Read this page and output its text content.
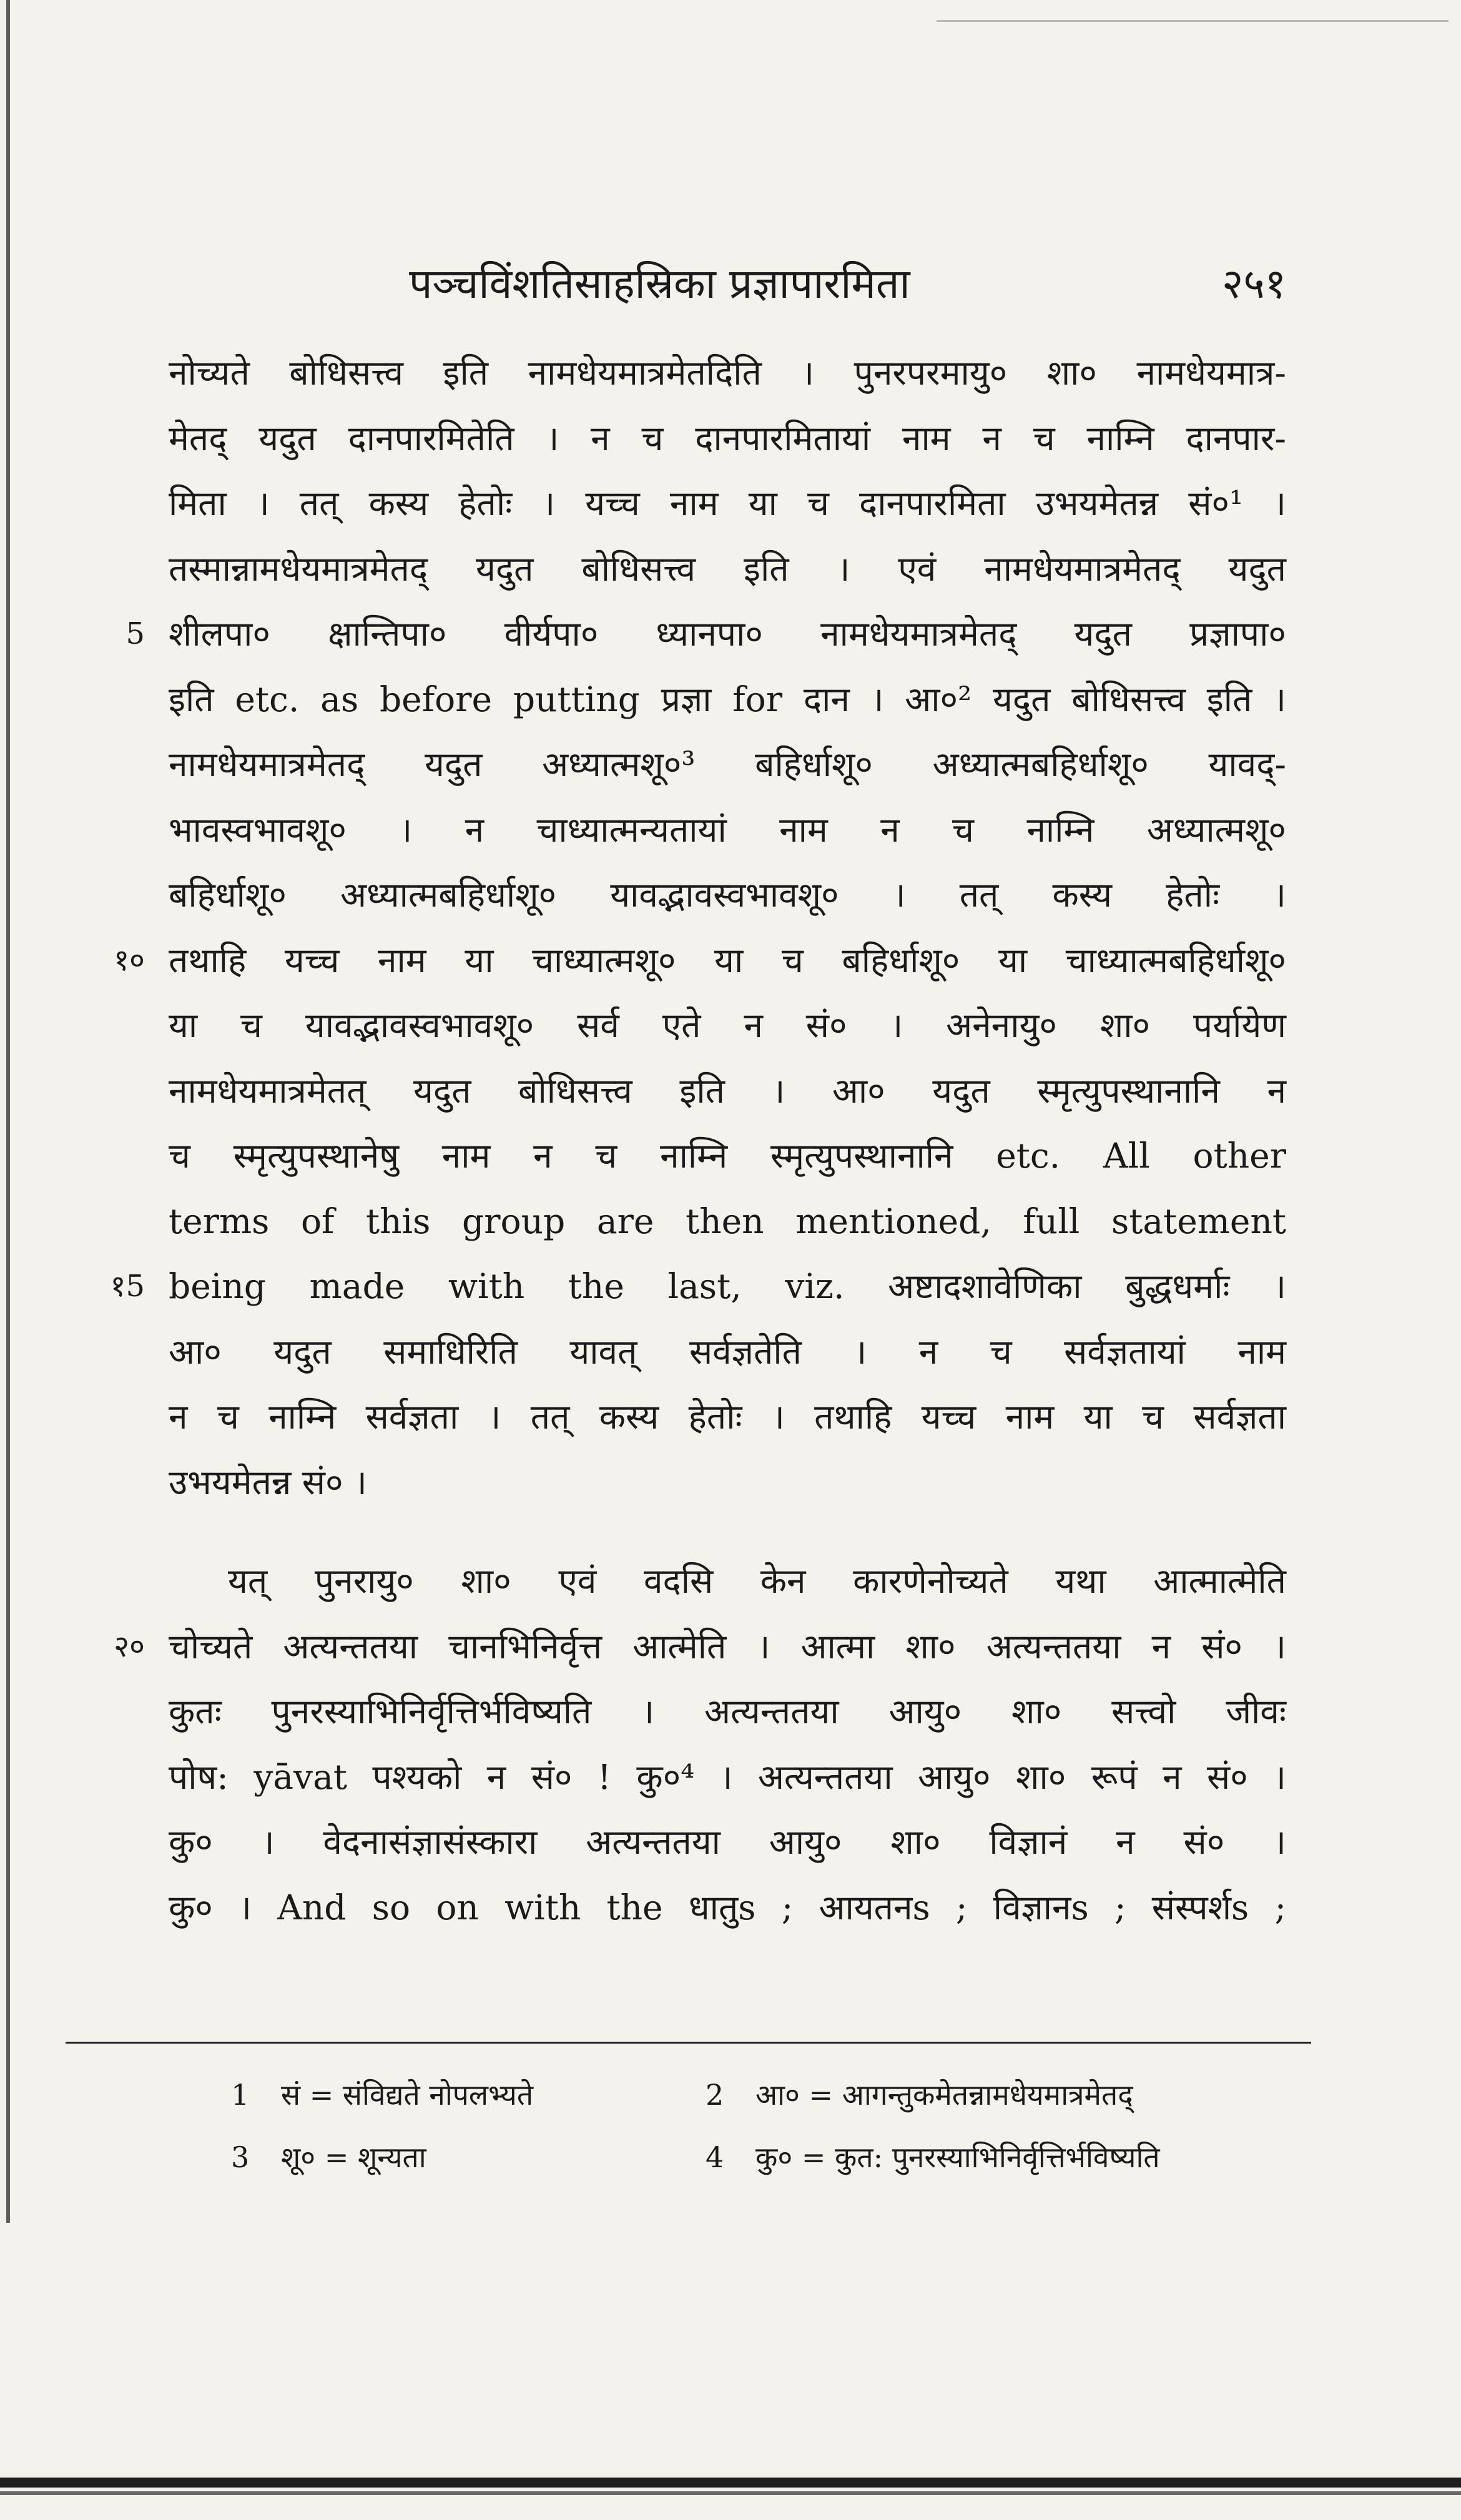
पञ्चविंशतिसाहस्रिका प्रज्ञापारमिता	२५१
नोच्यते बोधिसत्त्व इति नामधेयमात्रमेतदिति । पुनरपरमायु० शा० नामधेयमात्र-
मेतद् यदुत दानपारमितेति । न च दानपारमितायां नाम न च नाम्नि दानपार-
मिता । तत् कस्य हेतोः । यच्च नाम या च दानपारमिता उभयमेतन्न सं०¹ ।
तस्मान्नामधेयमात्रमेतद् यदुत बोधिसत्त्व इति । एवं नामधेयमात्रमेतद् यदुत
5 शीलपा० क्षान्तिपा० वीर्यपा० ध्यानपा० नामधेयमात्रमेतद् यदुत प्रज्ञापा०
इति etc. as before putting प्रज्ञा for दान । आ०² यदुत बोधिसत्त्व इति ।
नामधेयमात्रमेतद् यदुत अध्यात्मशू०³ बहिर्धाशू० अध्यात्मबहिर्धाशू० यावद्-
भावस्वभावशू० । न चाध्यात्मन्यतायां नाम न च नाम्नि अध्यात्मशू०
बहिर्धाशू० अध्यात्मबहिर्धाशू० यावद्भावस्वभावशू० । तत् कस्य हेतोः ।
१० तथाहि यच्च नाम या चाध्यात्मशू० या च बहिर्धाशू० या चाध्यात्मबहिर्धाशू०
या च यावद्भावस्वभावशू० सर्व एते न सं० । अनेनायु० शा० पर्यायेण
नामधेयमात्रमेतत् यदुत बोधिसत्त्व इति । आ० यदुत स्मृत्युपस्थानानि न
च स्मृत्युपस्थानेषु नाम न च नाम्नि स्मृत्युपस्थानानि etc. All other
terms of this group are then mentioned, full statement
१5 being made with the last, viz. अष्टादशावेणिका बुद्धधर्माः ।
आ० यदुत समाधिरिति यावत् सर्वज्ञतेति । न च सर्वज्ञतायां नाम
न च नाम्नि सर्वज्ञता । तत् कस्य हेतोः । तथाहि यच्च नाम या च सर्वज्ञता
उभयमेतन्न सं० ।
यत् पुनरायु० शा० एवं वदसि केन कारणेनोच्यते यथा आत्मात्मेति
२० चोच्यते अत्यन्ततया चानभिनिर्वृत्त आत्मेति । आत्मा शा० अत्यन्ततया न सं० ।
कुतः पुनरस्याभिनिर्वृत्तिर्भविष्यति । अत्यन्ततया आयु० शा० सत्त्वो जीवः
पोष: yāvat पश्यको न सं० ! कु०⁴ । अत्यन्ततया आयु० शा० रूपं न सं० ।
कु० । वेदनासंज्ञासंस्कारा अत्यन्ततया आयु० शा० विज्ञानं न सं० ।
कु० । And so on with the धातुs ; आयतनs ; विज्ञानs ; संस्पर्शs ;
1 सं = संविद्यते नोपलभ्यते	2 आ० = आगन्तुकमेतन्नामधेयमात्रमेतद्
3 शू० = शून्यता	4 कु० = कुत: पुनरस्याभिनिर्वृत्तिर्भविष्यति
